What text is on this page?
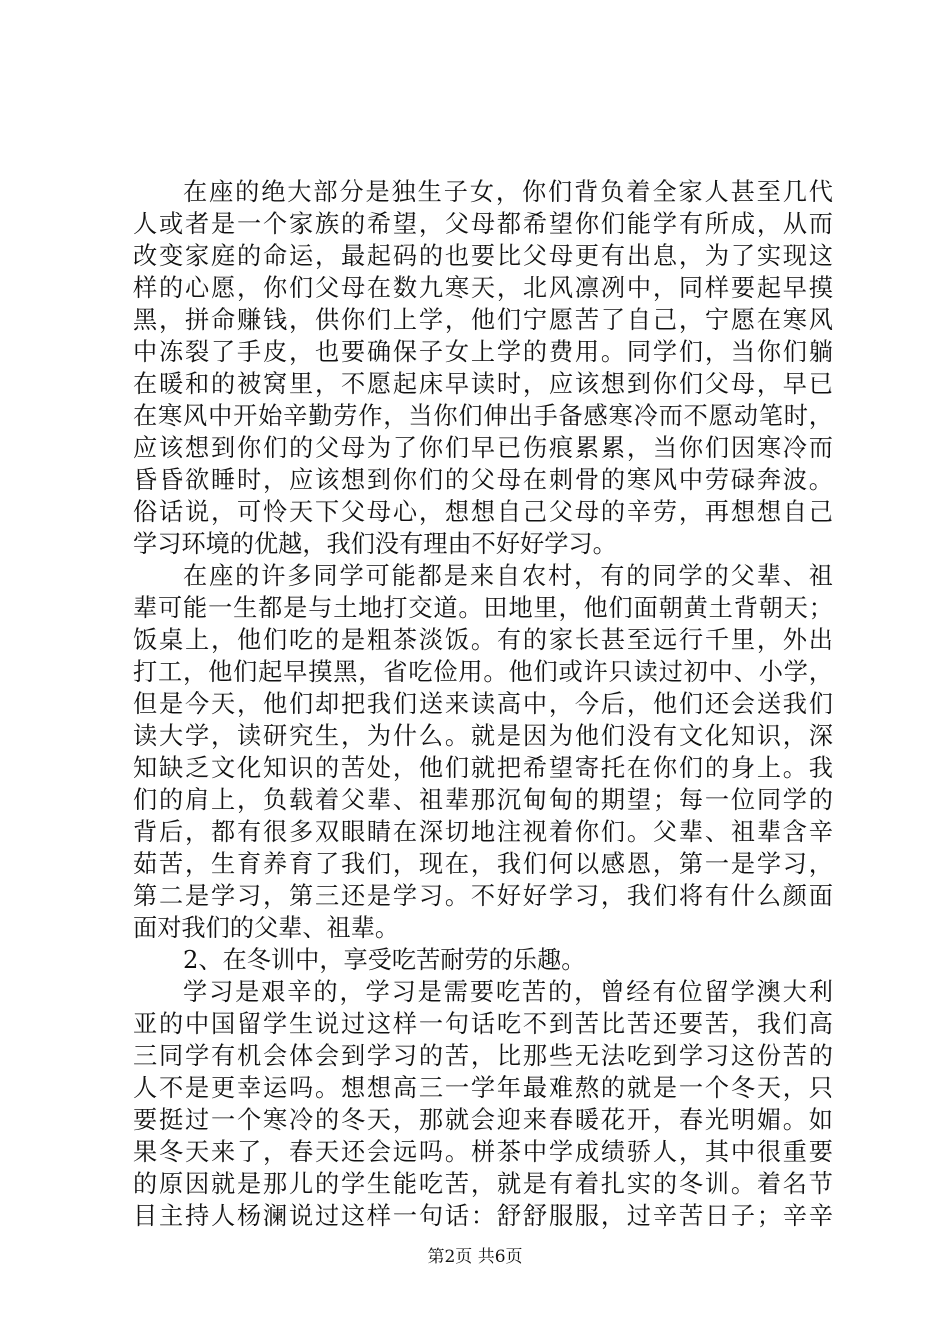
在座的绝大部分是独生子女，你们背负着全家人甚至几代
人或者是一个家族的希望，父母都希望你们能学有所成，从而
改变家庭的命运，最起码的也要比父母更有出息，为了实现这
样的心愿，你们父母在数九寒天，北风凛冽中，同样要起早摸
黑，拼命赚钱，供你们上学，他们宁愿苦了自己，宁愿在寒风
中冻裂了手皮，也要确保子女上学的费用。同学们，当你们躺
在暖和的被窝里，不愿起床早读时，应该想到你们父母，早已
在寒风中开始辛勤劳作，当你们伸出手备感寒冷而不愿动笔时，
应该想到你们的父母为了你们早已伤痕累累，当你们因寒冷而
昏昏欲睡时，应该想到你们的父母在刺骨的寒风中劳碌奔波。
俗话说，可怜天下父母心，想想自己父母的辛劳，再想想自己
学习环境的优越，我们没有理由不好好学习。
在座的许多同学可能都是来自农村，有的同学的父辈、祖
辈可能一生都是与土地打交道。田地里，他们面朝黄土背朝天；
饭桌上，他们吃的是粗茶淡饭。有的家长甚至远行千里，外出
打工，他们起早摸黑，省吃俭用。他们或许只读过初中、小学，
但是今天，他们却把我们送来读高中，今后，他们还会送我们
读大学，读研究生，为什么。就是因为他们没有文化知识，深
知缺乏文化知识的苦处，他们就把希望寄托在你们的身上。我
们的肩上，负载着父辈、祖辈那沉甸甸的期望；每一位同学的
背后，都有很多双眼睛在深切地注视着你们。父辈、祖辈含辛
茹苦，生育养育了我们，现在，我们何以感恩，第一是学习，
第二是学习，第三还是学习。不好好学习，我们将有什么颜面
面对我们的父辈、祖辈。
2、在冬训中，享受吃苦耐劳的乐趣。
学习是艰辛的，学习是需要吃苦的，曾经有位留学澳大利
亚的中国留学生说过这样一句话吃不到苦比苦还要苦，我们高
三同学有机会体会到学习的苦，比那些无法吃到学习这份苦的
人不是更幸运吗。想想高三一学年最难熬的就是一个冬天，只
要挺过一个寒冷的冬天，那就会迎来春暖花开，春光明媚。如
果冬天来了，春天还会远吗。栟茶中学成绩骄人，其中很重要
的原因就是那儿的学生能吃苦，就是有着扎实的冬训。着名节
目主持人杨澜说过这样一句话：舒舒服服，过辛苦日子；辛辛
第2页 共6页
